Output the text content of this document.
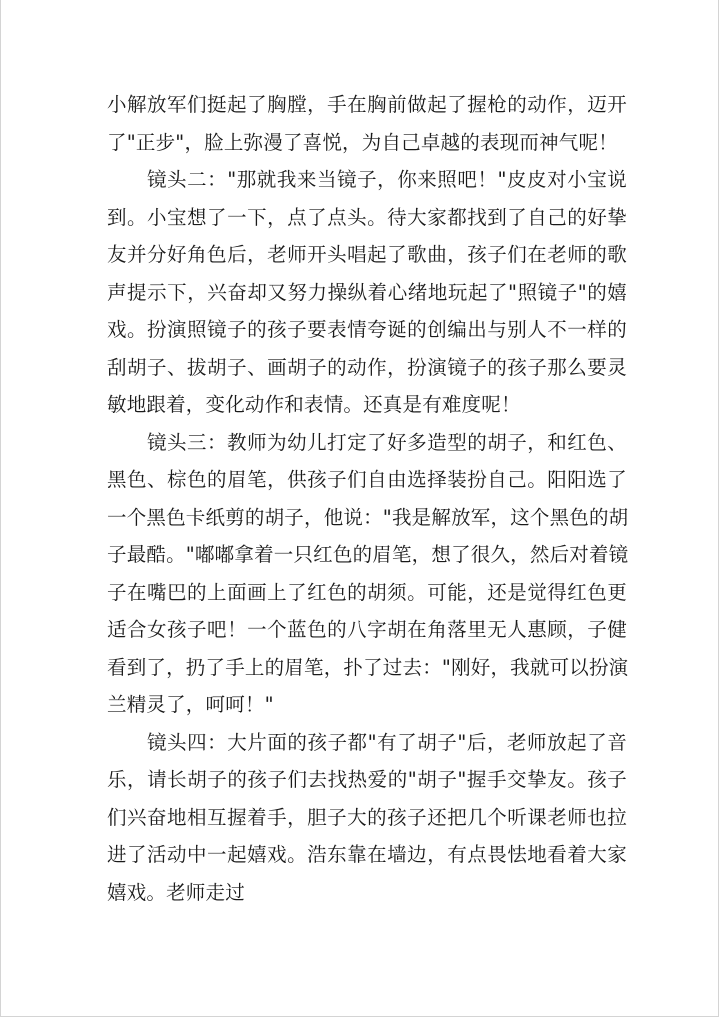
小解放军们挺起了胸膛，手在胸前做起了握枪的动作，迈开
了"正步"，脸上弥漫了喜悦，为自己卓越的表现而神气呢！
镜头二："那就我来当镜子，你来照吧！"皮皮对小宝说
到。小宝想了一下，点了点头。待大家都找到了自己的好挚
友并分好角色后，老师开头唱起了歌曲，孩子们在老师的歌
声提示下，兴奋却又努力操纵着心绪地玩起了"照镜子"的嬉
戏。扮演照镜子的孩子要表情夸诞的创编出与别人不一样的
刮胡子、拔胡子、画胡子的动作，扮演镜子的孩子那么要灵
敏地跟着，变化动作和表情。还真是有难度呢！
镜头三：教师为幼儿打定了好多造型的胡子，和红色、
黑色、棕色的眉笔，供孩子们自由选择装扮自己。阳阳选了
一个黑色卡纸剪的胡子，他说："我是解放军，这个黑色的胡
子最酷。"嘟嘟拿着一只红色的眉笔，想了很久，然后对着镜
子在嘴巴的上面画上了红色的胡须。可能，还是觉得红色更
适合女孩子吧！一个蓝色的八字胡在角落里无人惠顾，子健
看到了，扔了手上的眉笔，扑了过去："刚好，我就可以扮演
兰精灵了，呵呵！"
镜头四：大片面的孩子都"有了胡子"后，老师放起了音
乐，请长胡子的孩子们去找热爱的"胡子"握手交挚友。孩子
们兴奋地相互握着手，胆子大的孩子还把几个听课老师也拉
进了活动中一起嬉戏。浩东靠在墙边，有点畏怯地看着大家
嬉戏。老师走过
